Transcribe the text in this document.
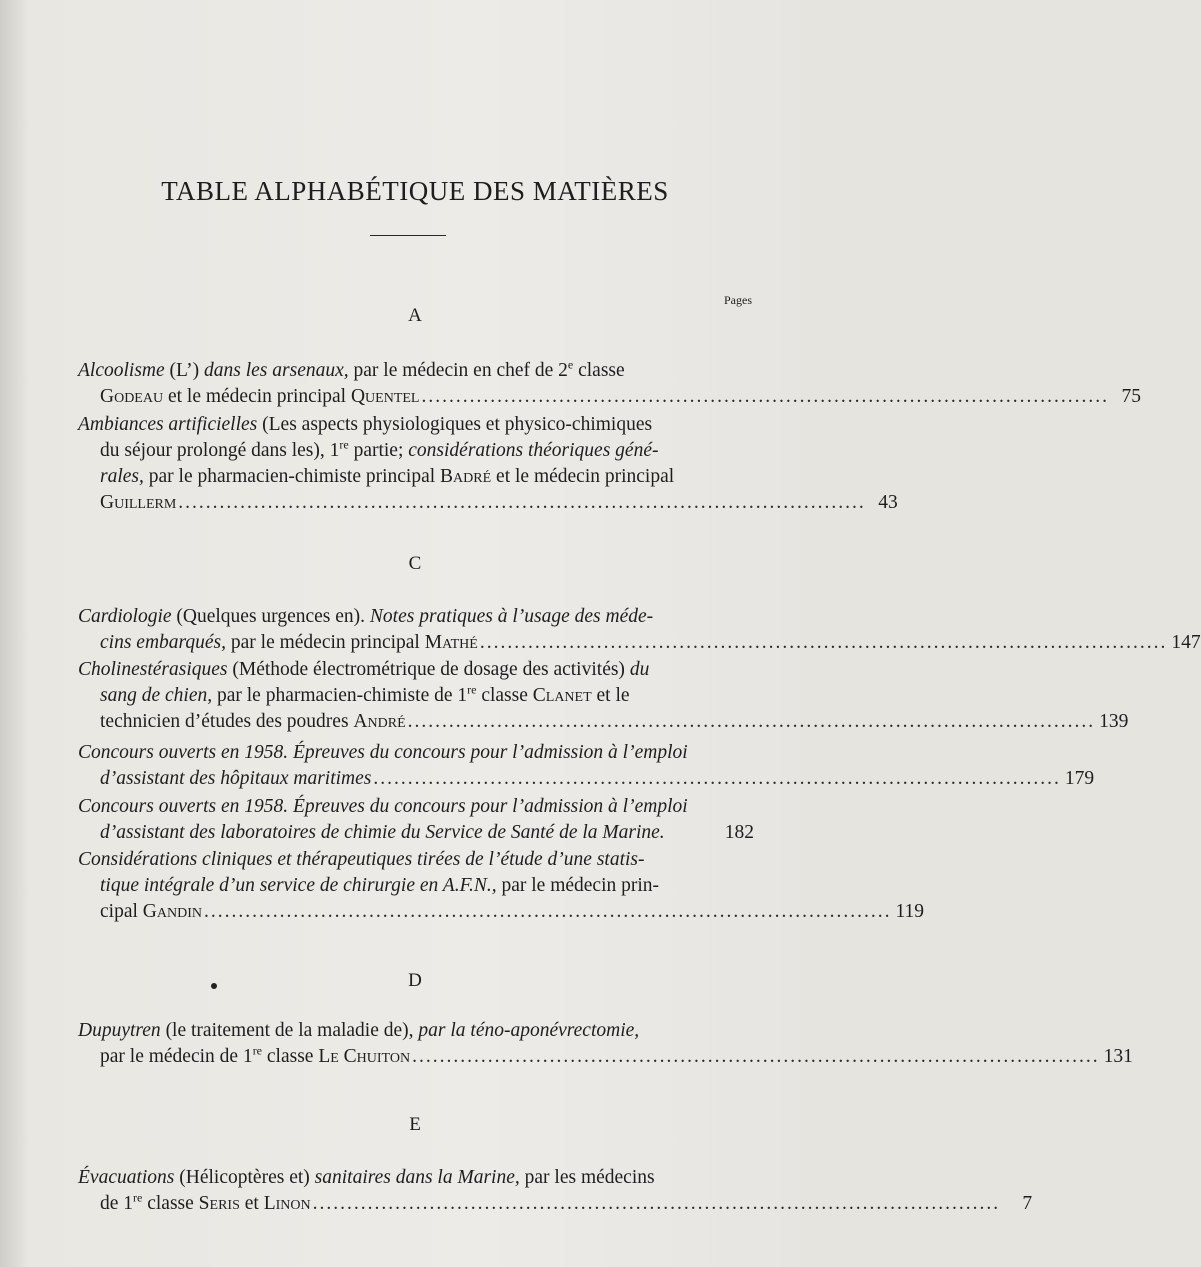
TABLE ALPHABÉTIQUE DES MATIÈRES
Pages
A
Alcoolisme (L’) dans les arsenaux, par le médecin en chef de 2e classe
Godeau et le médecin principal Quentel .................................................................................................... 75
Ambiances artificielles (Les aspects physiologiques et physico-chimiques
du séjour prolongé dans les), 1re partie; considérations théoriques géné-
rales, par le pharmacien-chimiste principal Badré et le médecin principal
Guillerm .................................................................................................... 43
C
Cardiologie (Quelques urgences en). Notes pratiques à l’usage des méde-
cins embarqués, par le médecin principal Mathé .................................................................................................... 147
Cholinestérasiques (Méthode électrométrique de dosage des activités) du
sang de chien, par le pharmacien-chimiste de 1re classe Clanet et le
technicien d’études des poudres André .................................................................................................... 139
Concours ouverts en 1958. Épreuves du concours pour l’admission à l’emploi
d’assistant des hôpitaux maritimes .................................................................................................... 179
Concours ouverts en 1958. Épreuves du concours pour l’admission à l’emploi
d’assistant des laboratoires de chimie du Service de Santé de la Marine.	182
Considérations cliniques et thérapeutiques tirées de l’étude d’une statis-
tique intégrale d’un service de chirurgie en A.F.N., par le médecin prin-
cipal Gandin .................................................................................................... 119
D
Dupuytren (le traitement de la maladie de), par la téno-aponévrectomie,
par le médecin de 1re classe Le Chuiton .................................................................................................... 131
E
Évacuations (Hélicoptères et) sanitaires dans la Marine, par les médecins
de 1re classe Seris et Linon ....................................................................................................	7
